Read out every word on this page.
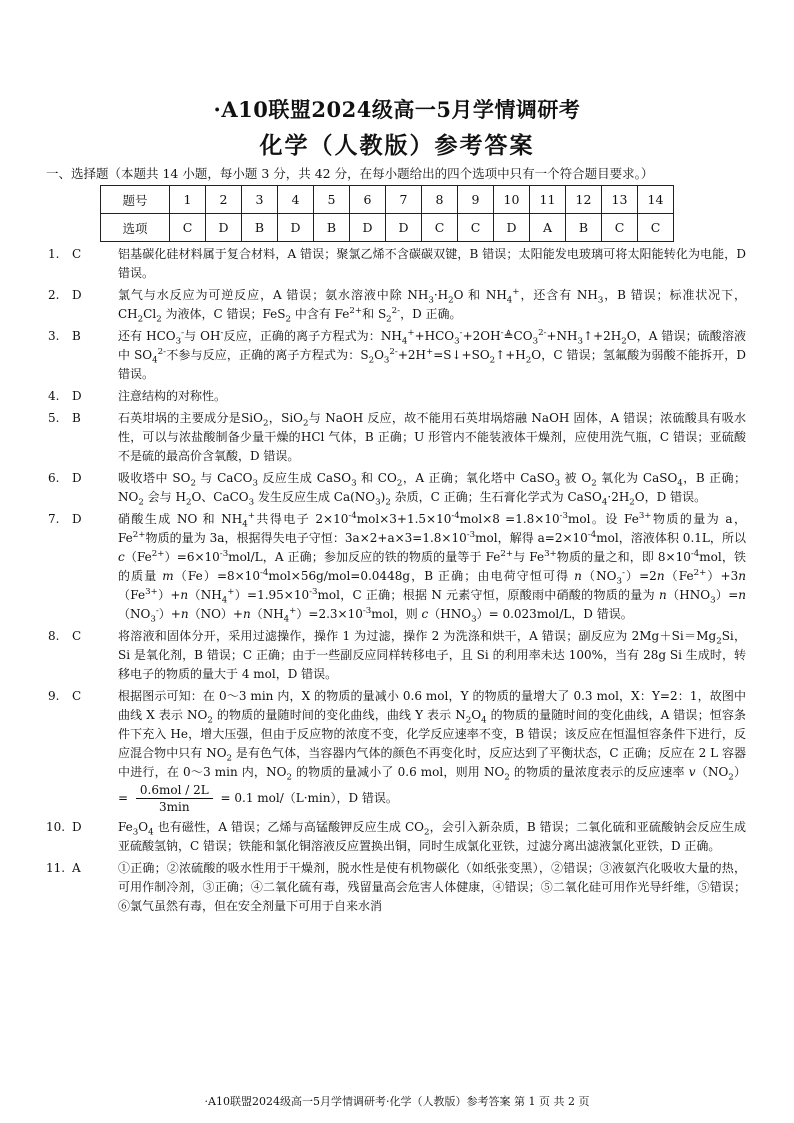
·A10联盟2024级高一5月学情调研考
化学（人教版）参考答案
一、选择题（本题共 14 小题，每小题 3 分，共 42 分，在每小题给出的四个选项中只有一个符合题目要求。）
题号	1	2	3	4	5	6	7	8	9	10	11	12	13	14
选项	C	D	B	D	B	D	D	C	C	D	A	B	C	C
1. C	铝基碳化硅材料属于复合材料，A 错误；聚氯乙烯不含碳碳双键，B 错误；太阳能发电玻璃可将太阳能转化为电能，D 错误。
2. D	氯气与水反应为可逆反应，A 错误；氨水溶液中除 $NH_3\cdot H_2O$ 和 $NH_4^+$，还含有 $NH_3$，B 错误；标准状况下，$CH_2Cl_2$ 为液体，C 错误；FeS$_2$ 中含有 $Fe^{2+}$和 $S_2^{2-}$，D 正确。
3. B	还有 $HCO_3^-$与 OH-反应，正确的离子方程式为：$NH_4^++HCO_3^-+2OH^-≜CO_3^{2-}+NH_3↑+2H_2O$，A 错误；硫酸溶液中 $SO_4^{2-}$不参与反应，正确的离子方程式为：$S_2O_3^{2-}+2H^+=S↓+SO_2↑+H_2O$，C 错误；氢氟酸为弱酸不能拆开，D 错误。
4. D	注意结构的对称性。
5. B	石英坩埚的主要成分是SiO$_2$，SiO$_2$与 NaOH 反应，故不能用石英坩埚熔融 NaOH 固体，A 错误；浓硫酸具有吸水性，可以与浓盐酸制备少量干燥的HCl 气体，B 正确；U 形管内不能装液体干燥剂，应使用洗气瓶，C 错误；亚硫酸不是硫的最高价含氧酸，D 错误。
6. D	吸收塔中 $SO_2$ 与 CaCO$_3$ 反应生成 CaSO$_3$ 和 $CO_2$，A 正确；氧化塔中 CaSO$_3$ 被 $O_2$ 氧化为 CaSO$_4$，B 正确；$NO_2$ 会与 $H_2O$、CaCO$_3$ 发生反应生成 $Ca(NO_3)_2$ 杂质，C 正确；生石膏化学式为 $CaSO_4\cdot 2H_2O$，D 错误。
7. D	硝酸生成 NO 和 $NH_4^+$共得电子 $2\times 10^{-4}mol\times 3+1.5\times 10^{-4}mol\times 8 =1.8\times 10^{-3}mol$。设 $Fe^{3+}$物质的量为 a，$Fe^{2+}$物质的量为 3a，根据得失电子守恒：$3a\times 2+a\times 3=1.8\times 10^{-3}mol$，解得 $a=2\times 10^{-4}mol$，溶液体积 0.1L，所以 $c(Fe^{2+})=6\times 10^{-3}mol/L$，A 正确；参加反应的铁的物质的量等于 $Fe^{2+}$与 $Fe^{3+}$物质的量之和，即 $8\times 10^{-4}mol$，铁的质量 $m(Fe)=8\times 10^{-4}mol\times 56g/mol=0.0448g$，B 正确；由电荷守恒可得 $n(NO_3^-)=2n(Fe^{2+})+3n(Fe^{3+})+n(NH_4^+)=1.95\times 10^{-3}mol$，C 正确；根据 N 元素守恒，原酸雨中硝酸的物质的量为 $n(HNO_3)=n(NO_3^-)+n(NO)+n(NH_4^+)=2.3\times 10^{-3}mol$，则 $c(HNO_3)= 0.023mol/L$，D 错误。
8. C	将溶液和固体分开，采用过滤操作，操作 1 为过滤，操作 2 为洗涤和烘干，A 错误；副反应为 $2Mg+Si=Mg_2Si$，Si 是氧化剂，B 错误；C 正确；由于一些副反应同样转移电子，且 Si 的利用率未达 100%，当有 28g Si 生成时，转移电子的物质的量大于 4 mol，D 错误。
9. C	根据图示可知：在 0～3 min 内，X 的物质的量减小 0.6 mol，Y 的物质的量增大了 0.3 mol，X：Y=2：1，故图中曲线 X 表示 $NO_2$ 的物质的量随时间的变化曲线，曲线 Y 表示 $N_2O_4$ 的物质的量随时间的变化曲线，A 错误；恒容条件下充入 He，增大压强，但由于反应物的浓度不变，化学反应速率不变，B 错误；该反应在恒温恒容条件下进行，反应混合物中只有 $NO_2$ 是有色气体，当容器内气体的颜色不再变化时，反应达到了平衡状态，C 正确；反应在 2 L 容器中进行，在 0～3 min 内，$NO_2$ 的物质的量减小了 0.6 mol，则用 $NO_2$ 的物质的量浓度表示的反应速率 $v(NO_2)= \frac{\text{0.6mol / 2L}}{3\min} = 0.1$ mol/（L·min），D 错误。
10. D	$Fe_3O_4$ 也有磁性，A 错误；乙烯与高锰酸钾反应生成 $CO_2$，会引入新杂质，B 错误；二氧化硫和亚硫酸钠会反应生成亚硫酸氢钠，C 错误；铁能和氯化铜溶液反应置换出铜，同时生成氯化亚铁，过滤分离出滤液氯化亚铁，D 正确。
11. A	①正确；②浓硫酸的吸水性用于干燥剂，脱水性是使有机物碳化（如纸张变黑），②错误；③液氨汽化吸收大量的热，可用作制冷剂，③正确；④二氧化硫有毒，残留量高会危害人体健康，④错误；⑤二氧化硅可用作光导纤维，⑤错误；⑥氯气虽然有毒，但在安全剂量下可用于自来水消
·A10联盟2024级高一5月学情调研考·化学（人教版）参考答案 第 1 页 共 2 页
